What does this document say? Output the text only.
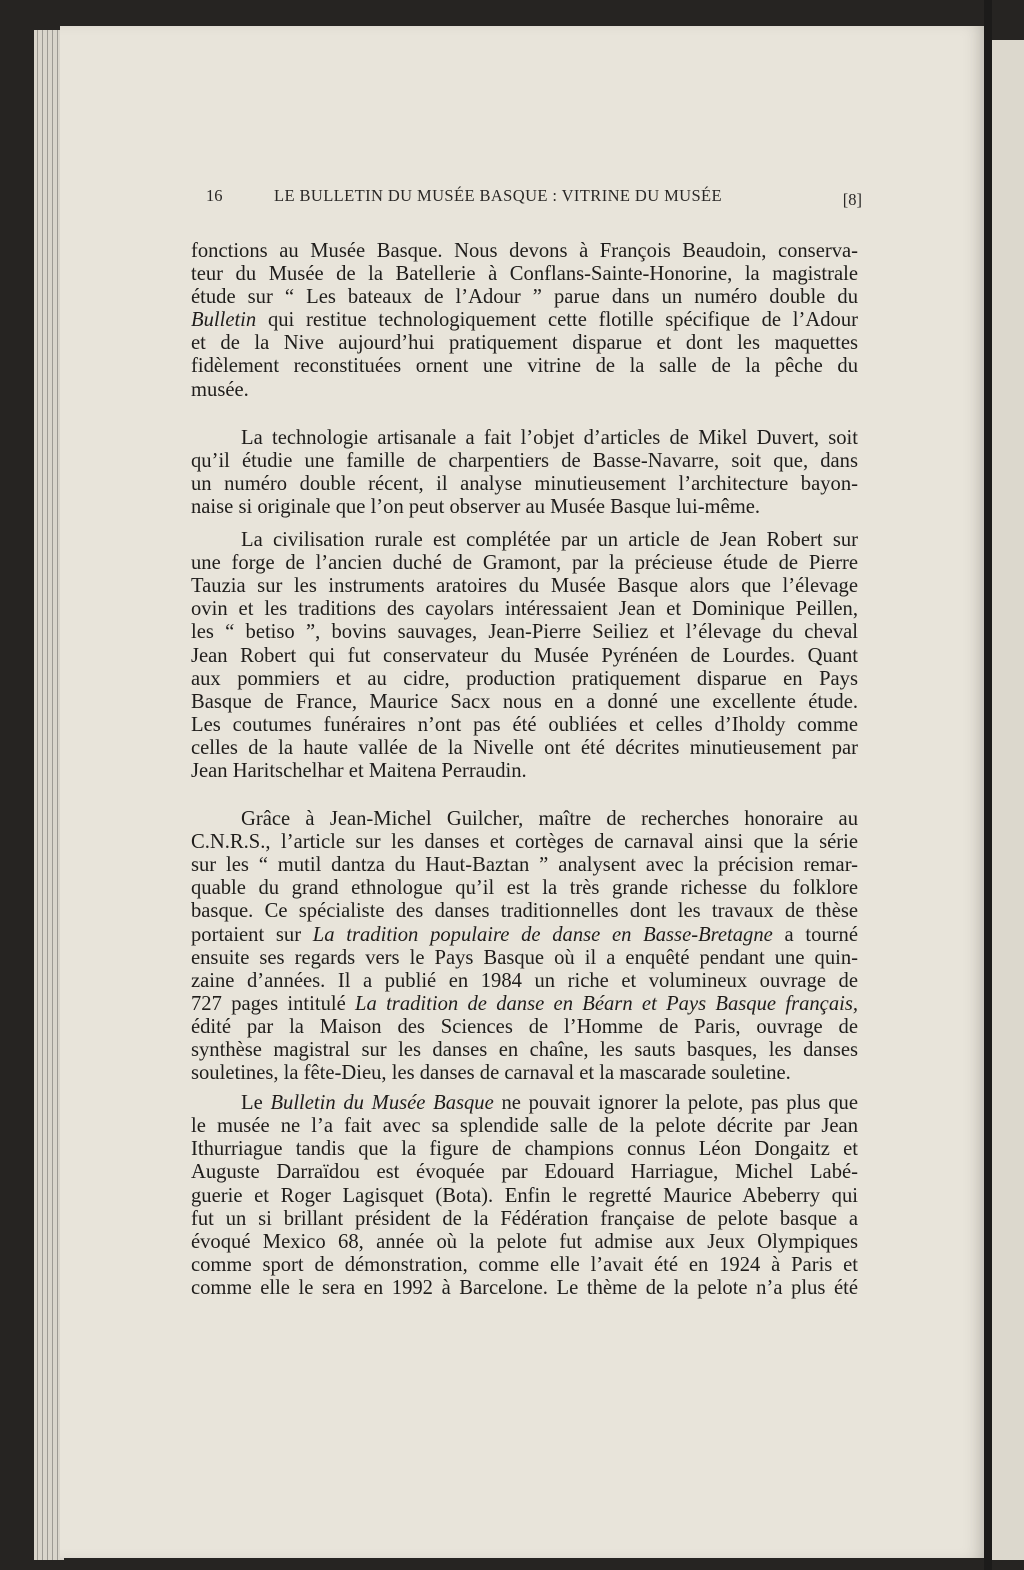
16	LE BULLETIN DU MUSÉE BASQUE : VITRINE DU MUSÉE	[8]
fonctions au Musée Basque. Nous devons à François Beaudoin, conserva-
teur du Musée de la Batellerie à Conflans-Sainte-Honorine, la magistrale
étude sur “ Les bateaux de l’Adour ” parue dans un numéro double du
Bulletin qui restitue technologiquement cette flotille spécifique de l’Adour
et de la Nive aujourd’hui pratiquement disparue et dont les maquettes
fidèlement reconstituées ornent une vitrine de la salle de la pêche du
musée.
La technologie artisanale a fait l’objet d’articles de Mikel Duvert, soit
qu’il étudie une famille de charpentiers de Basse-Navarre, soit que, dans
un numéro double récent, il analyse minutieusement l’architecture bayon-
naise si originale que l’on peut observer au Musée Basque lui-même.
La civilisation rurale est complétée par un article de Jean Robert sur
une forge de l’ancien duché de Gramont, par la précieuse étude de Pierre
Tauzia sur les instruments aratoires du Musée Basque alors que l’élevage
ovin et les traditions des cayolars intéressaient Jean et Dominique Peillen,
les “ betiso ”, bovins sauvages, Jean-Pierre Seiliez et l’élevage du cheval
Jean Robert qui fut conservateur du Musée Pyrénéen de Lourdes. Quant
aux pommiers et au cidre, production pratiquement disparue en Pays
Basque de France, Maurice Sacx nous en a donné une excellente étude.
Les coutumes funéraires n’ont pas été oubliées et celles d’Iholdy comme
celles de la haute vallée de la Nivelle ont été décrites minutieusement par
Jean Haritschelhar et Maitena Perraudin.
Grâce à Jean-Michel Guilcher, maître de recherches honoraire au
C.N.R.S., l’article sur les danses et cortèges de carnaval ainsi que la série
sur les “ mutil dantza du Haut-Baztan ” analysent avec la précision remar-
quable du grand ethnologue qu’il est la très grande richesse du folklore
basque. Ce spécialiste des danses traditionnelles dont les travaux de thèse
portaient sur La tradition populaire de danse en Basse-Bretagne a tourné
ensuite ses regards vers le Pays Basque où il a enquêté pendant une quin-
zaine d’années. Il a publié en 1984 un riche et volumineux ouvrage de
727 pages intitulé La tradition de danse en Béarn et Pays Basque français,
édité par la Maison des Sciences de l’Homme de Paris, ouvrage de
synthèse magistral sur les danses en chaîne, les sauts basques, les danses
souletines, la fête-Dieu, les danses de carnaval et la mascarade souletine.
Le Bulletin du Musée Basque ne pouvait ignorer la pelote, pas plus que
le musée ne l’a fait avec sa splendide salle de la pelote décrite par Jean
Ithurriague tandis que la figure de champions connus Léon Dongaitz et
Auguste Darraïdou est évoquée par Edouard Harriague, Michel Labé-
guerie et Roger Lagisquet (Bota). Enfin le regretté Maurice Abeberry qui
fut un si brillant président de la Fédération française de pelote basque a
évoqué Mexico 68, année où la pelote fut admise aux Jeux Olympiques
comme sport de démonstration, comme elle l’avait été en 1924 à Paris et
comme elle le sera en 1992 à Barcelone. Le thème de la pelote n’a plus été
